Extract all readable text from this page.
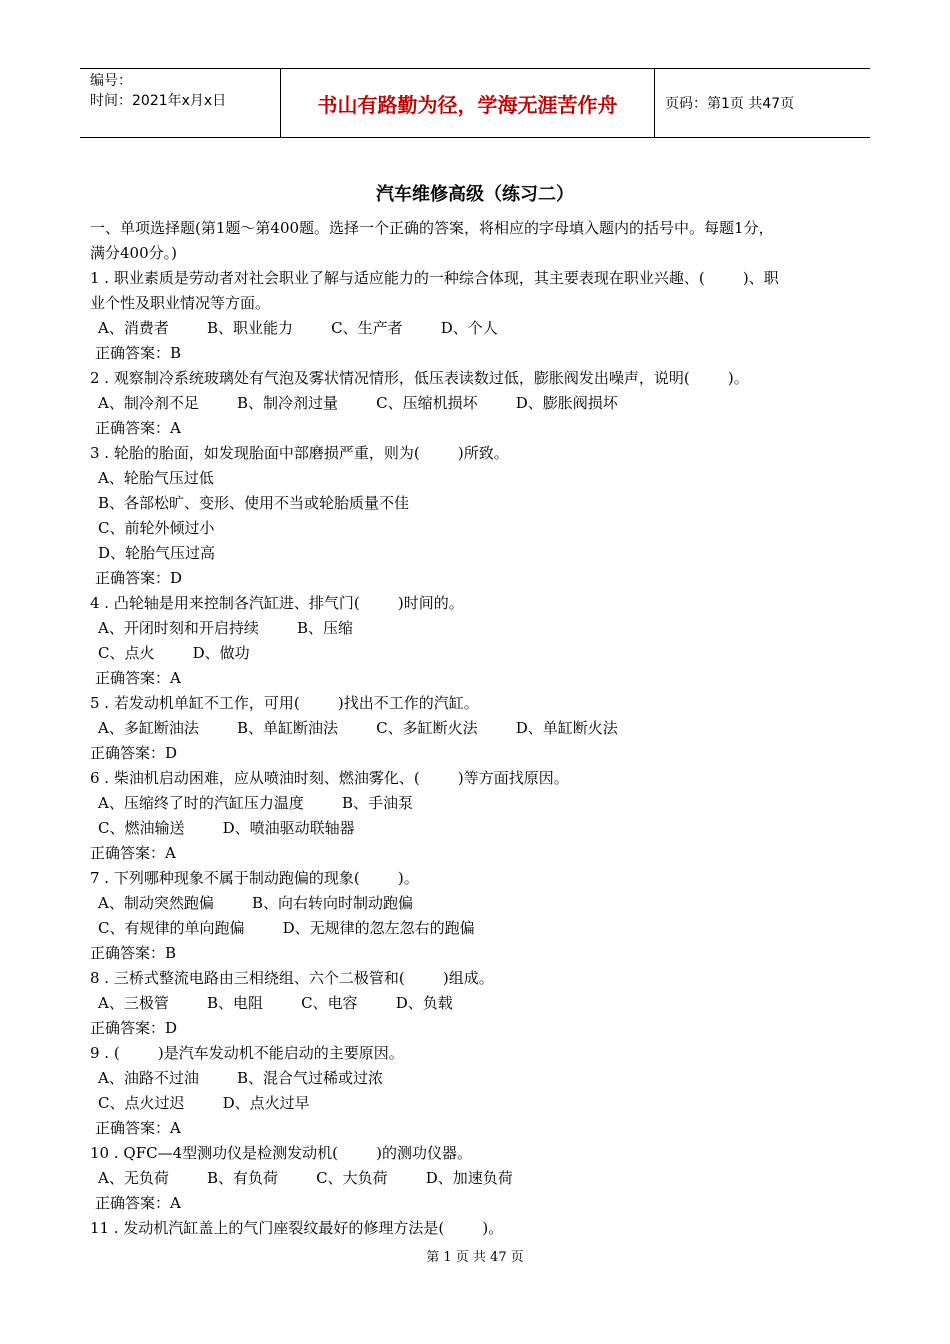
编号：
时间：2021年x月x日	书山有路勤为径，学海无涯苦作舟	页码：第1页 共47页
汽车维修高级（练习二）
一、单项选择题(第1题～第400题。选择一个正确的答案，将相应的字母填入题内的括号中。每题1分，
满分400分。)
1 . 职业素质是劳动者对社会职业了解与适应能力的一种综合体现，其主要表现在职业兴趣、(        )、职
业个性及职业情况等方面。
A、消费者        B、职业能力        C、生产者        D、个人
正确答案：B
2 . 观察制冷系统玻璃处有气泡及雾状情况情形，低压表读数过低，膨胀阀发出噪声，说明(        )。
A、制冷剂不足        B、制冷剂过量        C、压缩机损坏        D、膨胀阀损坏
正确答案：A
3 . 轮胎的胎面，如发现胎面中部磨损严重，则为(        )所致。
A、轮胎气压过低
B、各部松旷、变形、使用不当或轮胎质量不佳
C、前轮外倾过小
D、轮胎气压过高
正确答案：D
4 . 凸轮轴是用来控制各汽缸进、排气门(        )时间的。
A、开闭时刻和开启持续        B、压缩
C、点火        D、做功
正确答案：A
5 . 若发动机单缸不工作，可用(        )找出不工作的汽缸。
A、多缸断油法        B、单缸断油法        C、多缸断火法        D、单缸断火法
正确答案：D
6 . 柴油机启动困难，应从喷油时刻、燃油雾化、(        )等方面找原因。
A、压缩终了时的汽缸压力温度        B、手油泵
C、燃油输送        D、喷油驱动联轴器
正确答案：A
7 . 下列哪种现象不属于制动跑偏的现象(        )。
A、制动突然跑偏        B、向右转向时制动跑偏
C、有规律的单向跑偏        D、无规律的忽左忽右的跑偏
正确答案：B
8 . 三桥式整流电路由三相绕组、六个二极管和(        )组成。
A、三极管        B、电阻        C、电容        D、负载
正确答案：D
9 . (        )是汽车发动机不能启动的主要原因。
A、油路不过油        B、混合气过稀或过浓
C、点火过迟        D、点火过早
正确答案：A
10 . QFC—4型测功仪是检测发动机(        )的测功仪器。
A、无负荷        B、有负荷        C、大负荷        D、加速负荷
正确答案：A
11 . 发动机汽缸盖上的气门座裂纹最好的修理方法是(        )。
第 1 页 共 47 页
